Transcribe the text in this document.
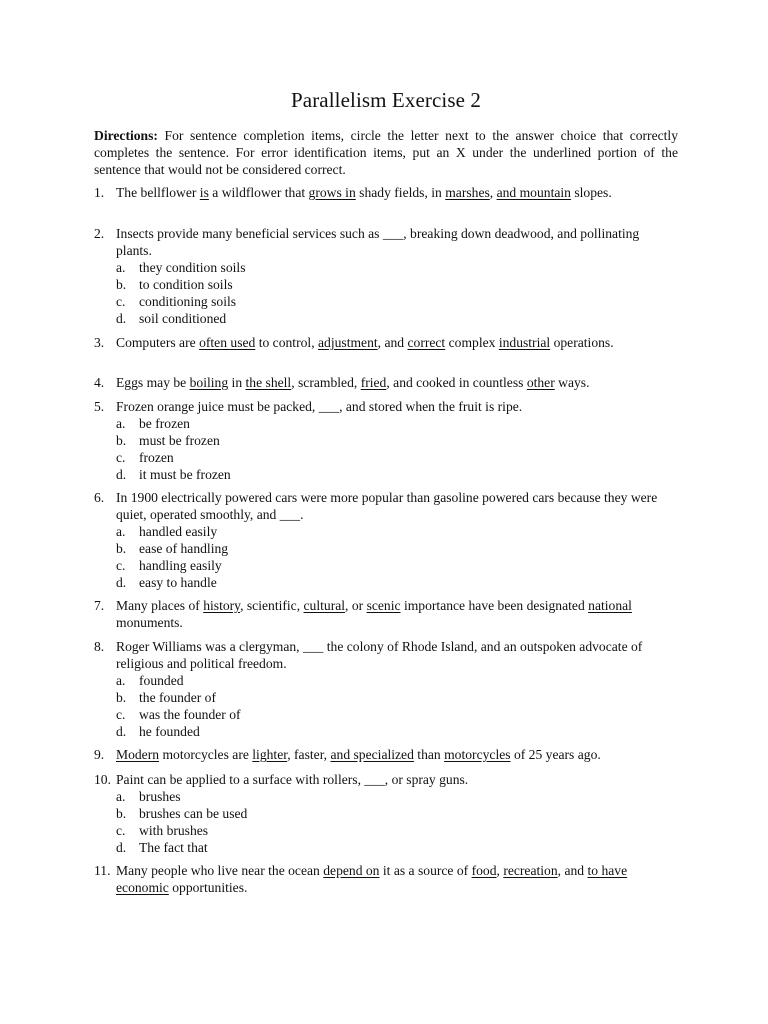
Parallelism Exercise 2

Directions: For sentence completion items, circle the letter next to the answer choice that correctly completes the sentence. For error identification items, put an X under the underlined portion of the sentence that would not be considered correct.

1. The bellflower is a wildflower that grows in shady fields, in marshes, and mountain slopes.
2. Insects provide many beneficial services such as ___, breaking down deadwood, and pollinating plants.
a. they condition soils
b. to condition soils
c. conditioning soils
d. soil conditioned
3. Computers are often used to control, adjustment, and correct complex industrial operations.
4. Eggs may be boiling in the shell, scrambled, fried, and cooked in countless other ways.
5. Frozen orange juice must be packed, ___, and stored when the fruit is ripe.
a. be frozen
b. must be frozen
c. frozen
d. it must be frozen
6. In 1900 electrically powered cars were more popular than gasoline powered cars because they were quiet, operated smoothly, and ___.
a. handled easily
b. ease of handling
c. handling easily
d. easy to handle
7. Many places of history, scientific, cultural, or scenic importance have been designated national monuments.
8. Roger Williams was a clergyman, ___ the colony of Rhode Island, and an outspoken advocate of religious and political freedom.
a. founded
b. the founder of
c. was the founder of
d. he founded
9. Modern motorcycles are lighter, faster, and specialized than motorcycles of 25 years ago.
10. Paint can be applied to a surface with rollers, ___, or spray guns.
a. brushes
b. brushes can be used
c. with brushes
d. The fact that
11. Many people who live near the ocean depend on it as a source of food, recreation, and to have economic opportunities.
